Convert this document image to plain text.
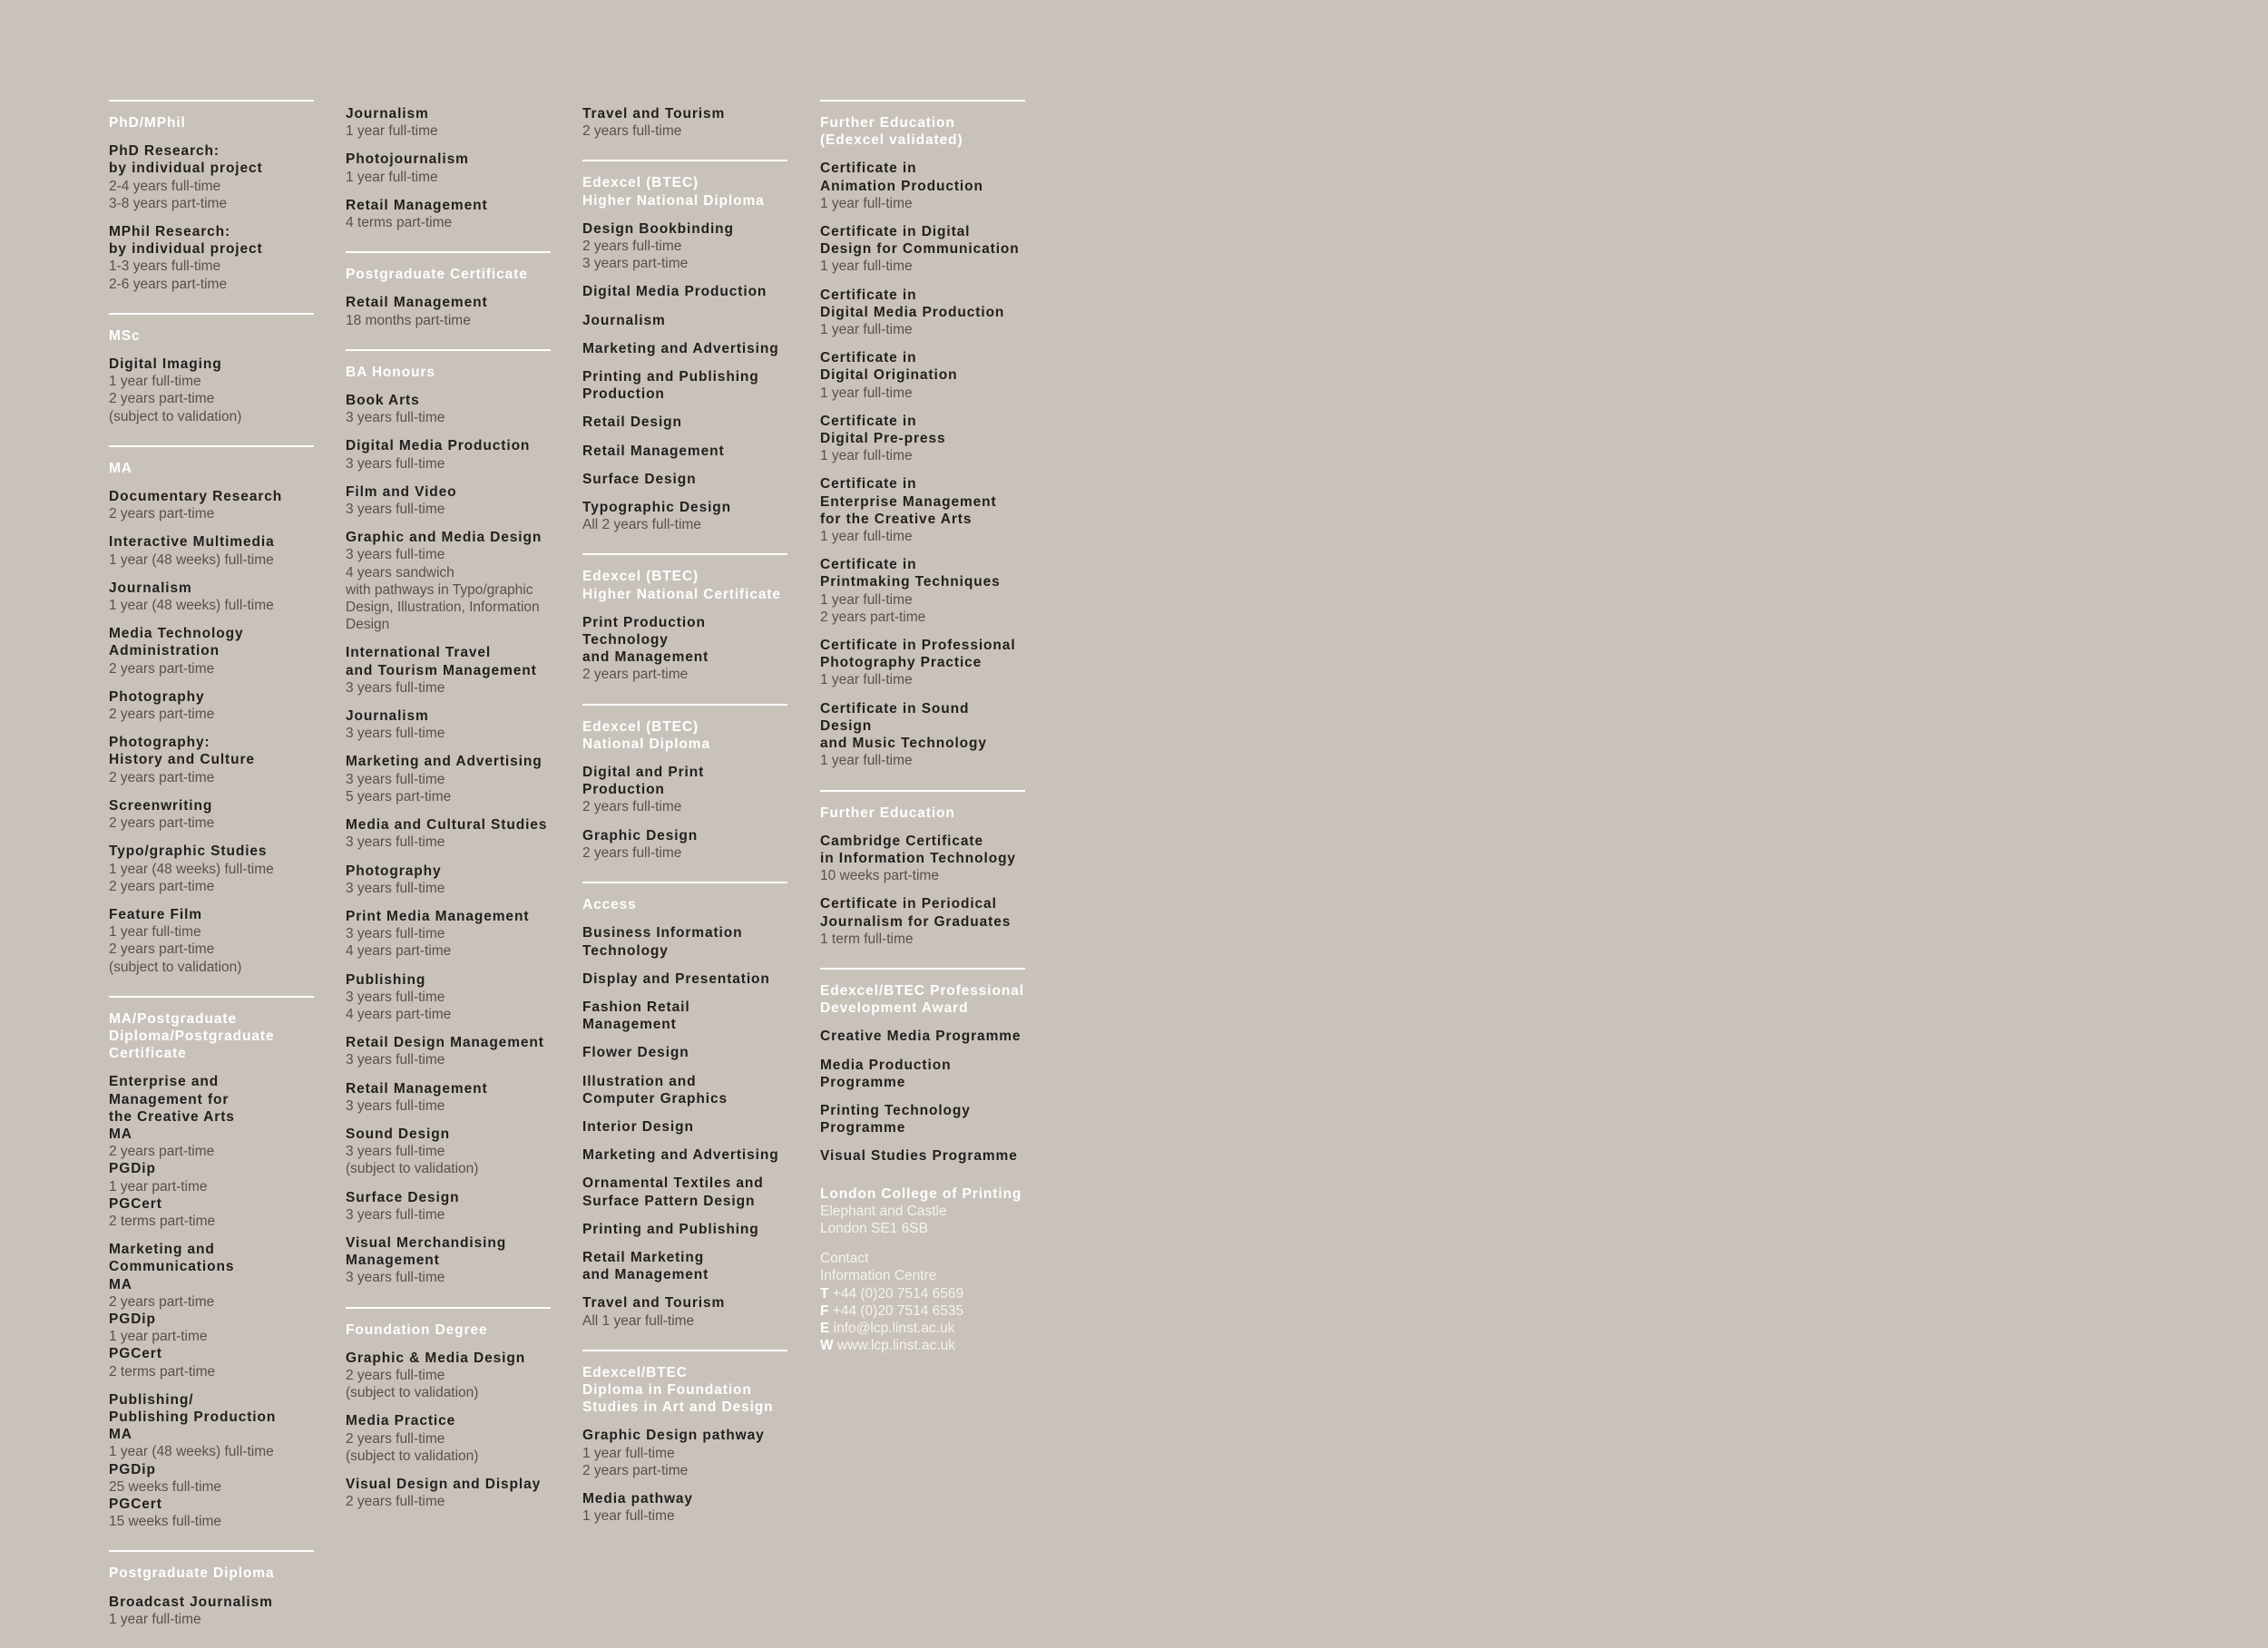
PhD/MPhil
PhD Research:
by individual project
2-4 years full-time
3-8 years part-time
MPhil Research:
by individual project
1-3 years full-time
2-6 years part-time
MSc
Digital Imaging
1 year full-time
2 years part-time
(subject to validation)
MA
Documentary Research
2 years part-time
Interactive Multimedia
1 year (48 weeks) full-time
Journalism
1 year (48 weeks) full-time
Media Technology
Administration
2 years part-time
Photography
2 years part-time
Photography:
History and Culture
2 years part-time
Screenwriting
2 years part-time
Typo/graphic Studies
1 year (48 weeks) full-time
2 years part-time
Feature Film
1 year full-time
2 years part-time
(subject to validation)
MA/Postgraduate
Diploma/Postgraduate
Certificate
Enterprise and
Management for
the Creative Arts
MA
2 years part-time
PGDip
1 year part-time
PGCert
2 terms part-time
Marketing and
Communications
MA
2 years part-time
PGDip
1 year part-time
PGCert
2 terms part-time
Publishing/
Publishing Production
MA
1 year (48 weeks) full-time
PGDip
25 weeks full-time
PGCert
15 weeks full-time
Postgraduate Diploma
Broadcast Journalism
1 year full-time
Journalism
1 year full-time
Photojournalism
1 year full-time
Retail Management
4 terms part-time
Postgraduate Certificate
Retail Management
18 months part-time
BA Honours
Book Arts
3 years full-time
Digital Media Production
3 years full-time
Film and Video
3 years full-time
Graphic and Media Design
3 years full-time
4 years sandwich
with pathways in Typo/graphic
Design, Illustration, Information
Design
International Travel
and Tourism Management
3 years full-time
Journalism
3 years full-time
Marketing and Advertising
3 years full-time
5 years part-time
Media and Cultural Studies
3 years full-time
Photography
3 years full-time
Print Media Management
3 years full-time
4 years part-time
Publishing
3 years full-time
4 years part-time
Retail Design Management
3 years full-time
Retail Management
3 years full-time
Sound Design
3 years full-time
(subject to validation)
Surface Design
3 years full-time
Visual Merchandising
Management
3 years full-time
Foundation Degree
Graphic & Media Design
2 years full-time
(subject to validation)
Media Practice
2 years full-time
(subject to validation)
Visual Design and Display
2 years full-time
Travel and Tourism
2 years full-time
Edexcel (BTEC)
Higher National Diploma
Design Bookbinding
2 years full-time
3 years part-time
Digital Media Production
Journalism
Marketing and Advertising
Printing and Publishing
Production
Retail Design
Retail Management
Surface Design
Typographic Design
All 2 years full-time
Edexcel (BTEC)
Higher National Certificate
Print Production Technology
and Management
2 years part-time
Edexcel (BTEC)
National Diploma
Digital and Print Production
2 years full-time
Graphic Design
2 years full-time
Access
Business Information
Technology
Display and Presentation
Fashion Retail Management
Flower Design
Illustration and
Computer Graphics
Interior Design
Marketing and Advertising
Ornamental Textiles and
Surface Pattern Design
Printing and Publishing
Retail Marketing
and Management
Travel and Tourism
All 1 year full-time
Edexcel/BTEC
Diploma in Foundation
Studies in Art and Design
Graphic Design pathway
1 year full-time
2 years part-time
Media pathway
1 year full-time
Further Education
(Edexcel validated)
Certificate in
Animation Production
1 year full-time
Certificate in Digital
Design for Communication
1 year full-time
Certificate in
Digital Media Production
1 year full-time
Certificate in
Digital Origination
1 year full-time
Certificate in
Digital Pre-press
1 year full-time
Certificate in
Enterprise Management
for the Creative Arts
1 year full-time
Certificate in
Printmaking Techniques
1 year full-time
2 years part-time
Certificate in Professional
Photography Practice
1 year full-time
Certificate in Sound Design
and Music Technology
1 year full-time
Further Education
Cambridge Certificate
in Information Technology
10 weeks part-time
Certificate in Periodical
Journalism for Graduates
1 term full-time
Edexcel/BTEC Professional
Development Award
Creative Media Programme
Media Production
Programme
Printing Technology
Programme
Visual Studies Programme
London College of Printing
Elephant and Castle
London SE1 6SB
Contact
Information Centre
T +44 (0)20 7514 6569
F +44 (0)20 7514 6535
E info@lcp.linst.ac.uk
W www.lcp.linst.ac.uk
